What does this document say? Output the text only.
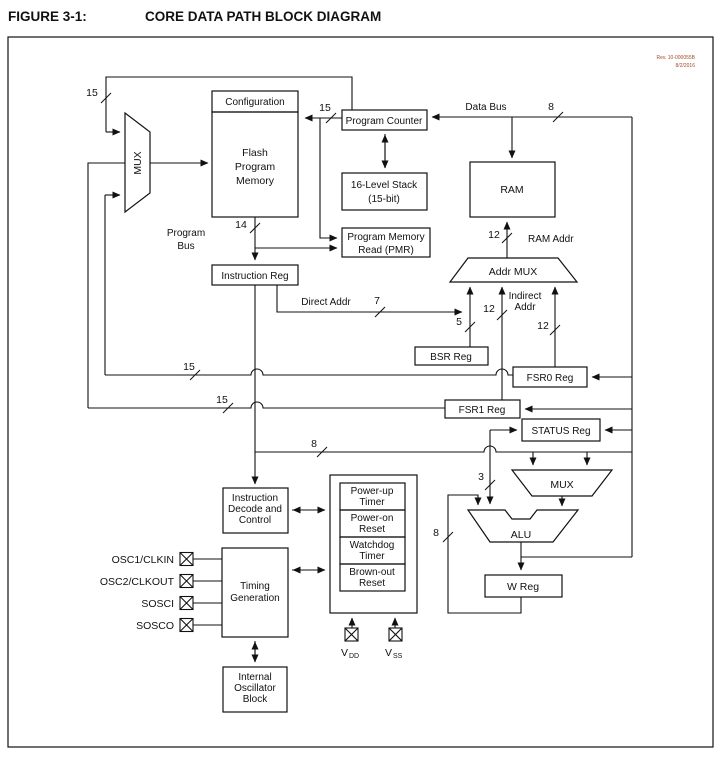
FIGURE 3-1:	CORE DATA PATH BLOCK DIAGRAM
Rev. 10-000055B
8/2/2016
15
15
14
15
15
8
12
5
12
12
7
8
3
8
Configuration
Flash
Program
Memory
Program Counter
16-Level Stack
(15-bit)
Program Memory
Read (PMR)
RAM
Addr MUX
Instruction Reg
BSR Reg
FSR0 Reg
FSR1 Reg
STATUS Reg
MUX
MUX
ALU
W Reg
Instruction
Decode and
Control
Timing
Generation
Internal
Oscillator
Block
Power-up
Timer
Power-on
Reset
Watchdog
Timer
Brown-out
Reset
Program
Bus
Data Bus
RAM Addr
Direct Addr
Indirect
Addr
OSC1/CLKIN
OSC2/CLKOUT
SOSCI
SOSCO
V DD V SS
